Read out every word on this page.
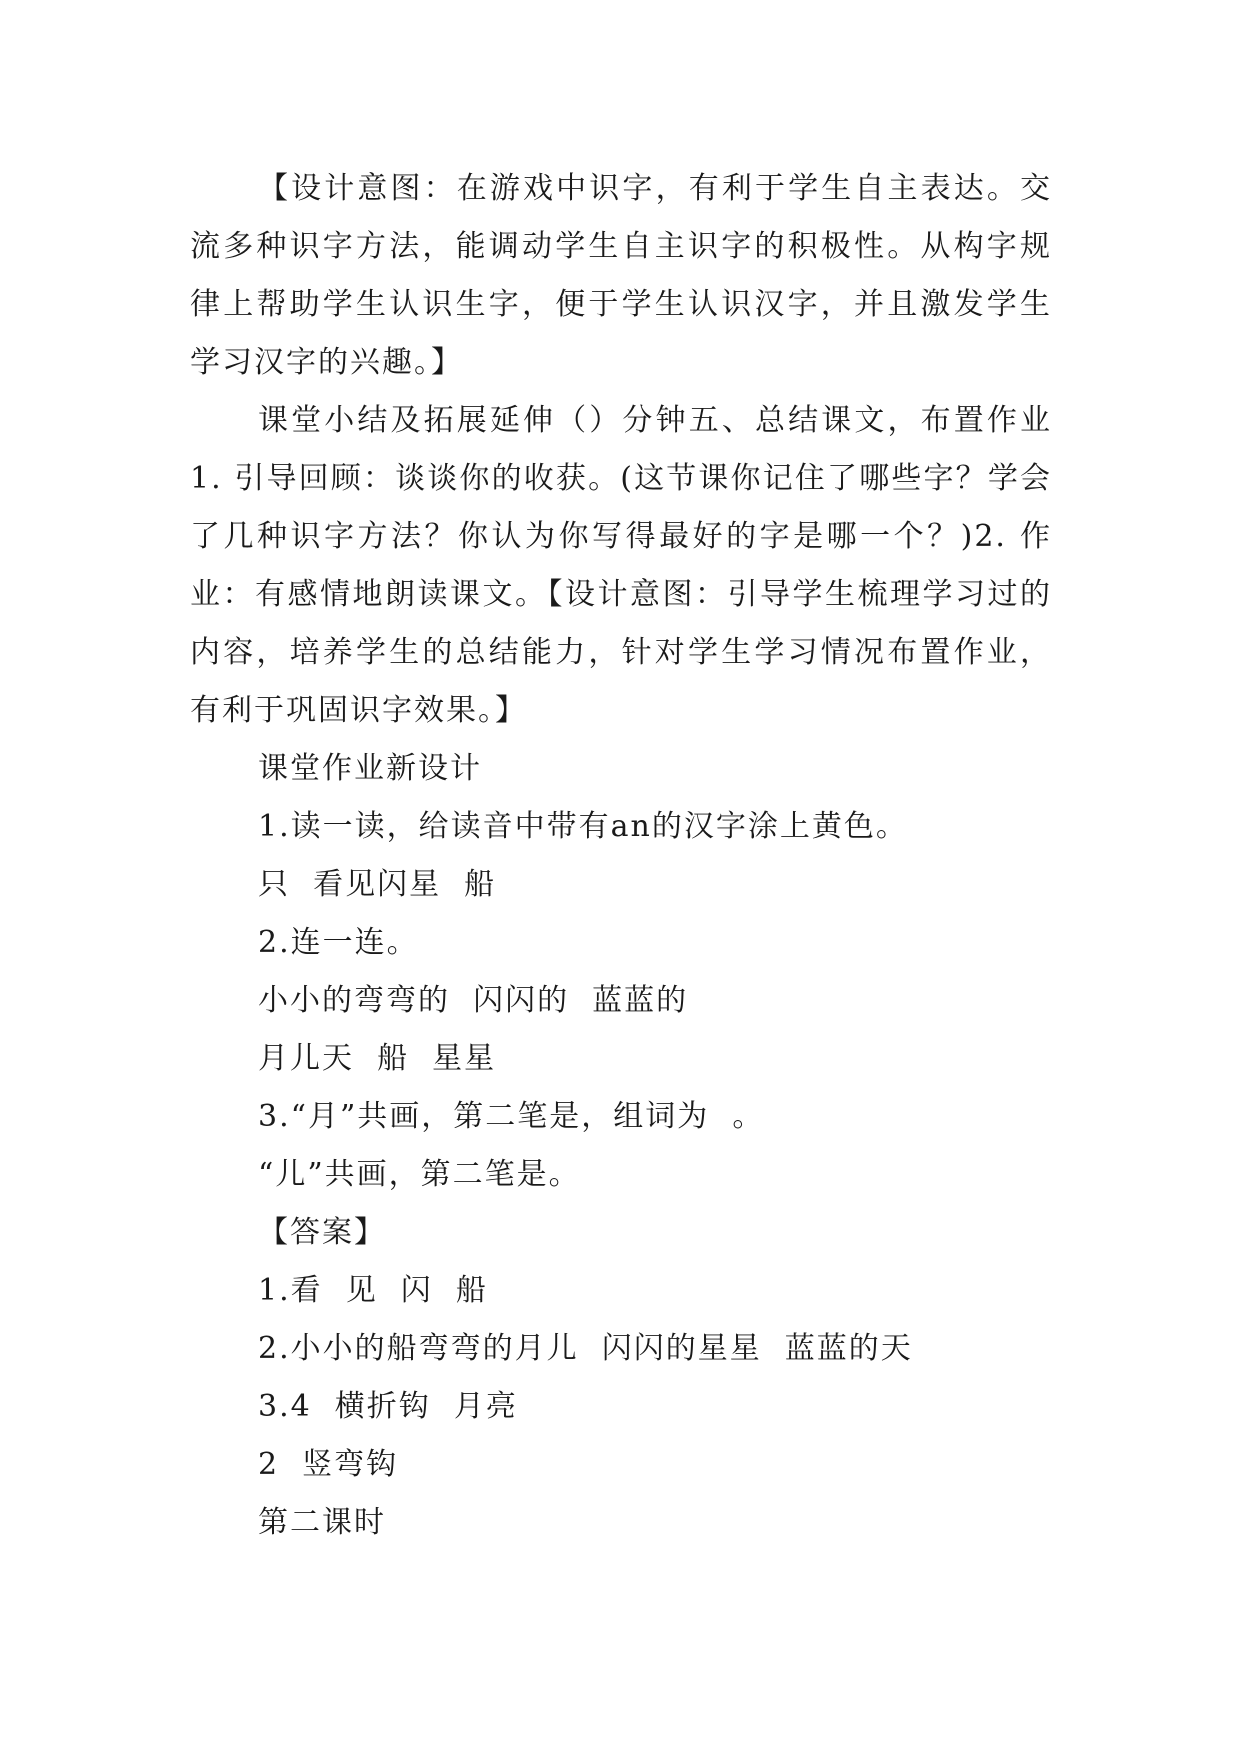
【设计意图：在游戏中识字，有利于学生自主表达。交流多种识字方法，能调动学生自主识字的积极性。从构字规律上帮助学生认识生字，便于学生认识汉字，并且激发学生学习汉字的兴趣。】

课堂小结及拓展延伸（）分钟五、总结课文，布置作业1. 引导回顾：谈谈你的收获。(这节课你记住了哪些字？学会了几种识字方法？你认为你写得最好的字是哪一个？)2. 作业：有感情地朗读课文。【设计意图：引导学生梳理学习过的内容，培养学生的总结能力，针对学生学习情况布置作业，有利于巩固识字效果。】

课堂作业新设计

1.读一读，给读音中带有an的汉字涂上黄色。

只  看见闪星  船

2.连一连。

小小的弯弯的  闪闪的  蓝蓝的

月儿天  船  星星

3.“月”共画，第二笔是，组词为  。

“儿”共画，第二笔是。

【答案】

1.看  见  闪  船

2.小小的船弯弯的月儿  闪闪的星星  蓝蓝的天

3.4  横折钩  月亮

2  竖弯钩

第二课时
